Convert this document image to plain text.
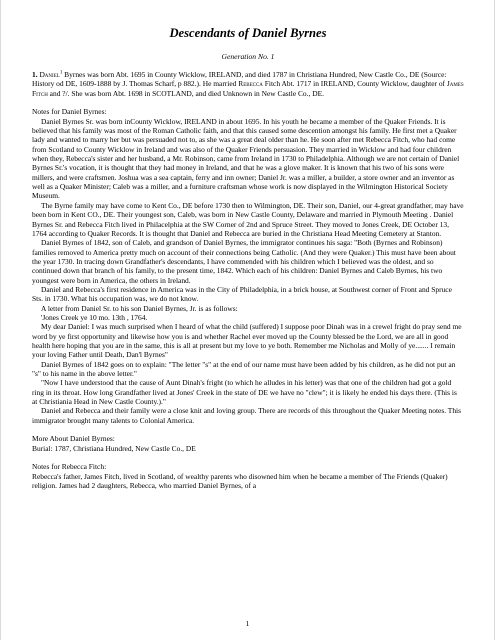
Descendants of Daniel Byrnes
Generation No. 1

1. Daniel$^1$ Byrnes was born Abt. 1695 in County Wicklow, IRELAND, and died 1787 in Christiana Hundred, New Castle Co., DE (Source: History od DE, 1609-1888 by J. Thomas Scharf, p 882.). He married Rebecca Fitch Abt. 1717 in IRELAND, County Wicklow, daughter of James Fitch and ?/. She was born Abt. 1698 in SCOTLAND, and died Unknown in New Castle Co., DE.

Notes for Daniel Byrnes:

Daniel Byrnes Sr. was born inCounty Wicklow, IRELAND in about 1695. In his youth he became a member of the Quaker Friends. It is believed that his family was most of the Roman Catholic faith, and that this caused some descention amongst his family. He first met a Quaker lady and wanted to marry her but was persuaded not to, as she was a great deal older than he. He soon after met Rebecca Fitch, who had come from Scotland to County Wicklow in Ireland and was also of the Quaker Friends persuasion. They married in Wicklow and had four children when they, Rebecca's sister and her husband, a Mr. Robinson, came from Ireland in 1730 to Philadelphia. Although we are not certain of Daniel Byrnes Sr.'s vocation, it is thought that they had money in Ireland, and that he was a glove maker. It is known that his two of his sons were millers, and were craftsmen. Joshua was a sea captain, ferry and inn owner; Daniel Jr. was a miller, a builder, a store owner and an inventor as well as a Quaker Minister; Caleb was a miller, and a furniture craftsman whose work is now displayed in the Wilmington Historical Society Museum.

The Byrne family may have come to Kent Co., DE before 1730 then to Wilmington, DE. Their son, Daniel, our 4-great grandfather, may have been born in Kent CO., DE. Their youngest son, Caleb, was born in New Castle County, Delaware and married in Plymouth Meeting . Daniel Byrnes Sr. and Rebecca Fitch lived in Philacelphia at the SW Corner of 2nd and Spruce Street. They moved to Jones Creek, DE October 13, 1764 according to Quaker Records. It is thought that Daniel and Rebecca are buried in the Christiana Head Meeting Cemetery at Stanton.

Daniel Byrnes of 1842, son of Caleb, and grandson of Daniel Byrnes, the immigrator continues his saga: "Both (Byrnes and Robinson) families removed to America pretty much on account of their connections being Catholic. (And they were Quaker.) This must have been about the year 1730. In tracing down Grandfather's descendants, I have commended with his children which I believed was the oldest, and so continued down that branch of his family, to the present time, 1842. Which each of his children: Daniel Byrnes and Caleb Byrnes, his two youngest were born in America, the others in Ireland.

Daniel and Rebecca's first residence in America was in the City of Philadelphia, in a brick house, at Southwest corner of Front and Spruce Sts. in 1730. What his occupation was, we do not know.

A letter from Daniel Sr. to his son Daniel Byrnes, Jr. is as follows:

'Jones Creek ye 10 mo. 13th , 1764.

My dear Daniel: I was much surprised when I heard of what the child (suffered) I suppose poor Dinah was in a crewel fright do pray send me word by ye first opportunity and likewise how you is and whether Rachel ever moved up the County blessed be the Lord, we are all in good health here hoping that you are in the same, this is all at present but my love to ye both. Remember me Nicholas and Molly of ye....... I remain your loving Father until Death, Dan'l Byrnes"

Daniel Byrnes of 1842 goes on to explain: "The letter "s" at the end of our name must have been added by his children, as he did not put an "s" to his name in the above letter."

"Now I have understood that the cause of Aunt Dinah's fright (to which he alludes in his letter) was that one of the children had got a gold ring in its throat. How long Grandfather lived at Jones' Creek in the state of DE we have no "clew"; it is likely he ended his days there. (This is at Christiania Head in New Castle County.)."

Daniel and Rebecca and their family were a close knit and loving group. There are records of this throughout the Quaker Meeting notes. This immigrator brought many talents to Colonial America.

More About Daniel Byrnes:

Burial: 1787, Christiana Hundred, New Castle Co., DE

Notes for Rebecca Fitch:

Rebecca's father, James Fitch, lived in Scotland, of wealthy parents who disowned him when he became a member of The Friends (Quaker) religion. James had 2 daughters, Rebecca, who married Daniel Byrnes, of a

1
